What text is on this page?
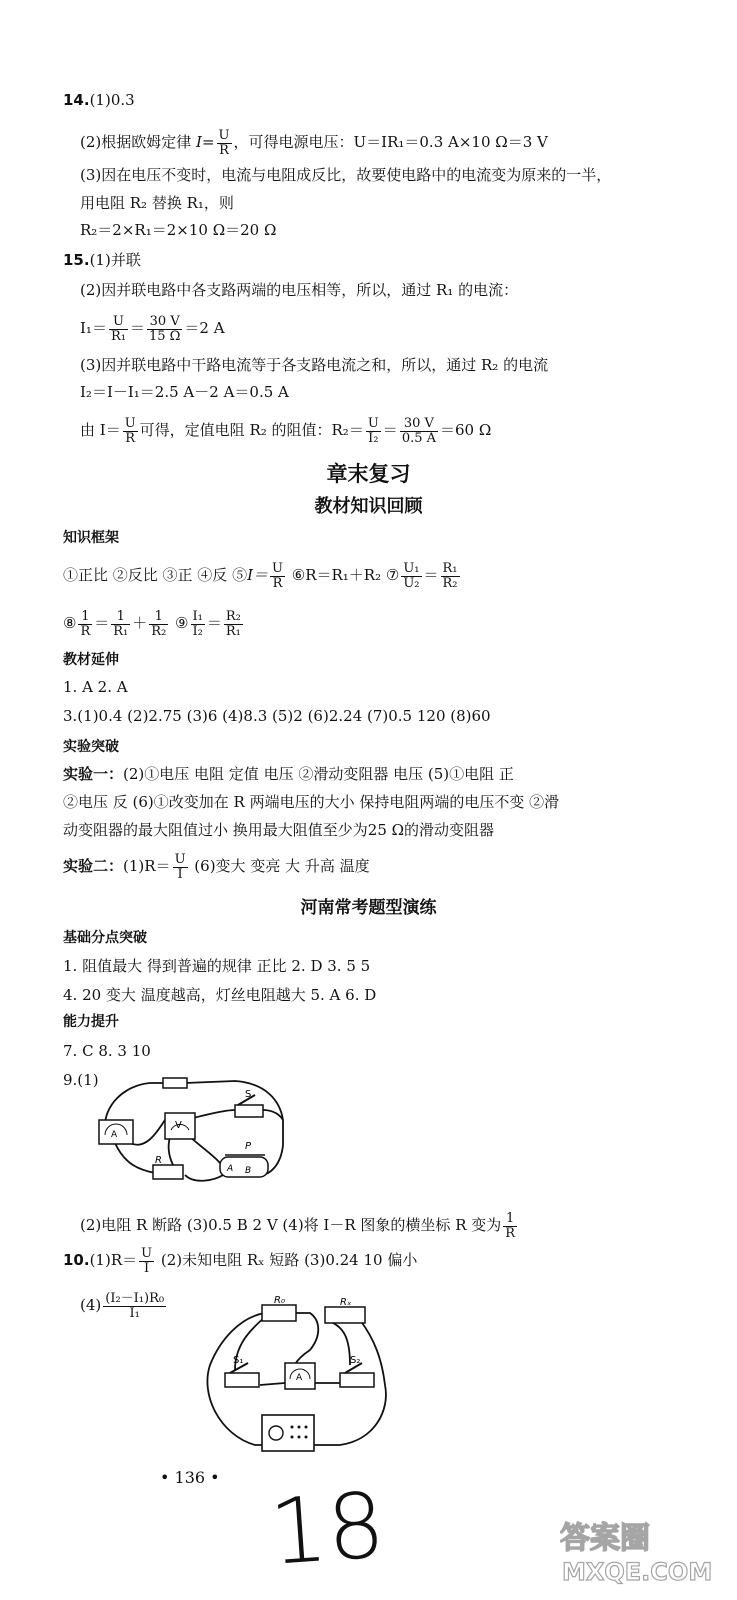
14.(1)0.3
(2)根据欧姆定律 $I= \frac{U}{R}$ ，可得电源电压：U＝IR₁＝0.3 A×10 Ω＝3 V
(3)因在电压不变时，电流与电阻成反比，故要使电路中的电流变为原来的一半，
用电阻 R₂ 替换 R₁，则
R₂＝2×R₁＝2×10 Ω＝20 Ω
15.(1)并联
(2)因并联电路中各支路两端的电压相等，所以，通过 R₁ 的电流：
$I_1= \frac{U}{\text{R₁}} = \frac{30 V}{15 \Omega} =2$ A
(3)因并联电路中干路电流等于各支路电流之和，所以，通过 R₂ 的电流
I₂＝I－I₁＝2.5 A－2 A＝0.5 A
由 $I= \frac{U}{R}$ 可得，定值电阻 R₂ 的阻值：$R_2= \frac{U}{\text{I₂}} = \frac{30 V}{0.5 A} =60$ Ω
章末复习
教材知识回顾
知识框架
①正比 ②反比 ③正 ④反 ⑤I＝ $\frac{U}{R}$ ⑥R＝R₁＋R₂ ⑦ $\frac{\text{U₁}}{\text{U₂}} = \frac{\text{R₁}}{\text{R₂}}$
⑧ $\frac{1}{R} = \frac{1}{\text{R₁}} + \frac{1}{\text{R₂}}$ ⑨ $\frac{\text{I₁}}{\text{I₂}} = \frac{\text{R₂}}{\text{R₁}}$
教材延伸
1. A 2. A
3.(1)0.4 (2)2.75 (3)6 (4)8.3 (5)2 (6)2.24 (7)0.5 120 (8)60
实验突破
实验一：(2)①电压 电阻 定值 电压 ②滑动变阻器 电压 (5)①电阻 正
②电压 反 (6)①改变加在 R 两端电压的大小 保持电阻两端的电压不变 ②滑
动变阻器的最大阻值过小 换用最大阻值至少为25 Ω的滑动变阻器
实验二：$(1)R= \frac{U}{I} (6)$变大 变亮 大 升高 温度
河南常考题型演练
基础分点突破
1. 阻值最大 得到普遍的规律 正比 2. D 3. 5 5
4. 20 变大 温度越高，灯丝电阻越大 5. A 6. D
能力提升
7. C 8. 3 10
9.(1)
S
V
A
P
R
A B
(2)电阻 R 断路 (3)0.5 B 2 V (4)将 I－R 图象的横坐标 R 变为 $\frac{1}{R}$
$10.(1)R= \frac{U}{I} (2)$未知电阻 Rₓ 短路 (3)0.24 10 偏小
$(4) \frac{\text{(I₂－I₁)R₀}}{\text{I₁}}$	R₀	Rₓ
S₁
A
S₂
• 136 • 18	答案圈
MXQE.COM
